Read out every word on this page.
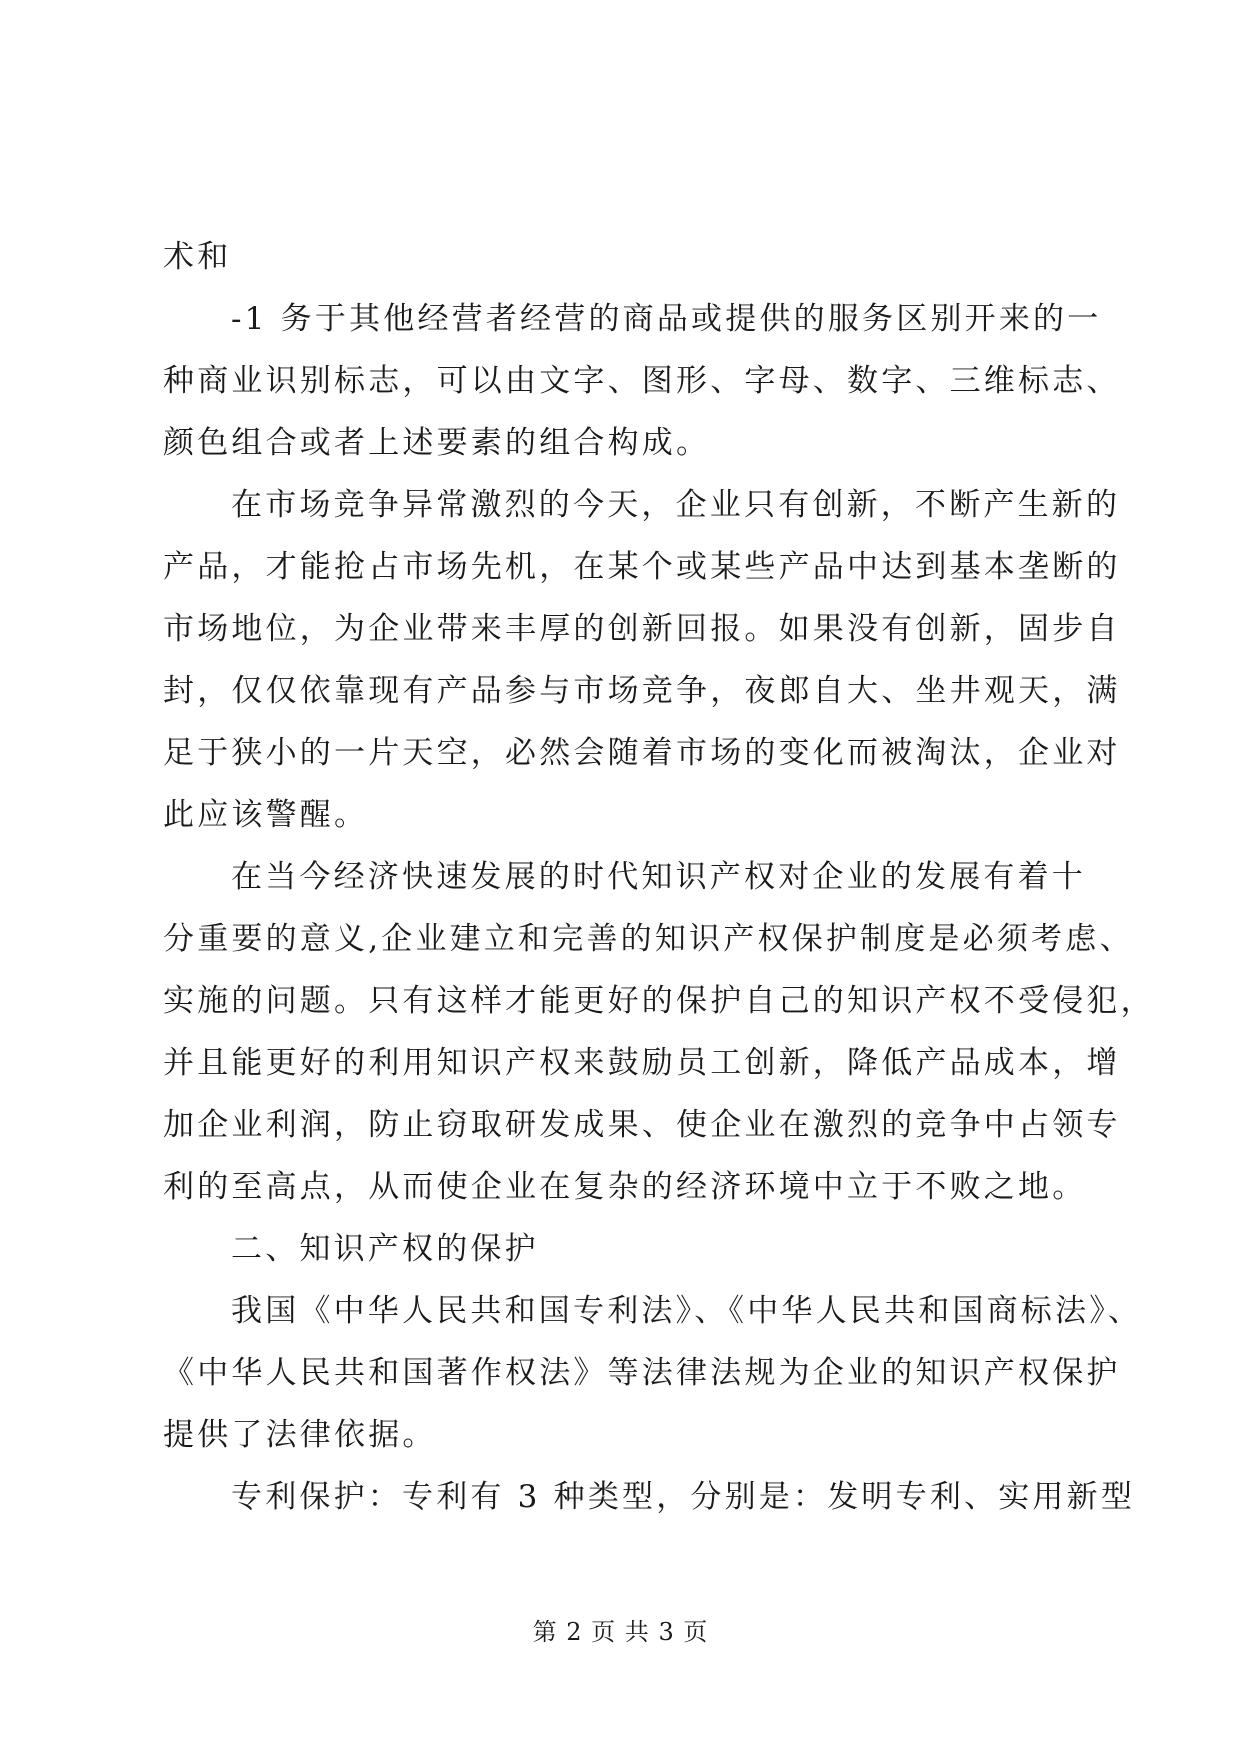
术和
-1 务于其他经营者经营的商品或提供的服务区别开来的一
种商业识别标志，可以由文字、图形、字母、数字、三维标志、
颜色组合或者上述要素的组合构成。
在市场竞争异常激烈的今天，企业只有创新，不断产生新的
产品，才能抢占市场先机，在某个或某些产品中达到基本垄断的
市场地位，为企业带来丰厚的创新回报。如果没有创新，固步自
封，仅仅依靠现有产品参与市场竞争，夜郎自大、坐井观天，满
足于狭小的一片天空，必然会随着市场的变化而被淘汰，企业对
此应该警醒。
在当今经济快速发展的时代知识产权对企业的发展有着十
分重要的意义,企业建立和完善的知识产权保护制度是必须考虑、
实施的问题。只有这样才能更好的保护自己的知识产权不受侵犯，
并且能更好的利用知识产权来鼓励员工创新，降低产品成本，增
加企业利润，防止窃取研发成果、使企业在激烈的竞争中占领专
利的至高点，从而使企业在复杂的经济环境中立于不败之地。
二、知识产权的保护
我国《中华人民共和国专利法》、《中华人民共和国商标法》、
《中华人民共和国著作权法》等法律法规为企业的知识产权保护
提供了法律依据。
专利保护：专利有 3 种类型，分别是：发明专利、实用新型
第 2 页 共 3 页
